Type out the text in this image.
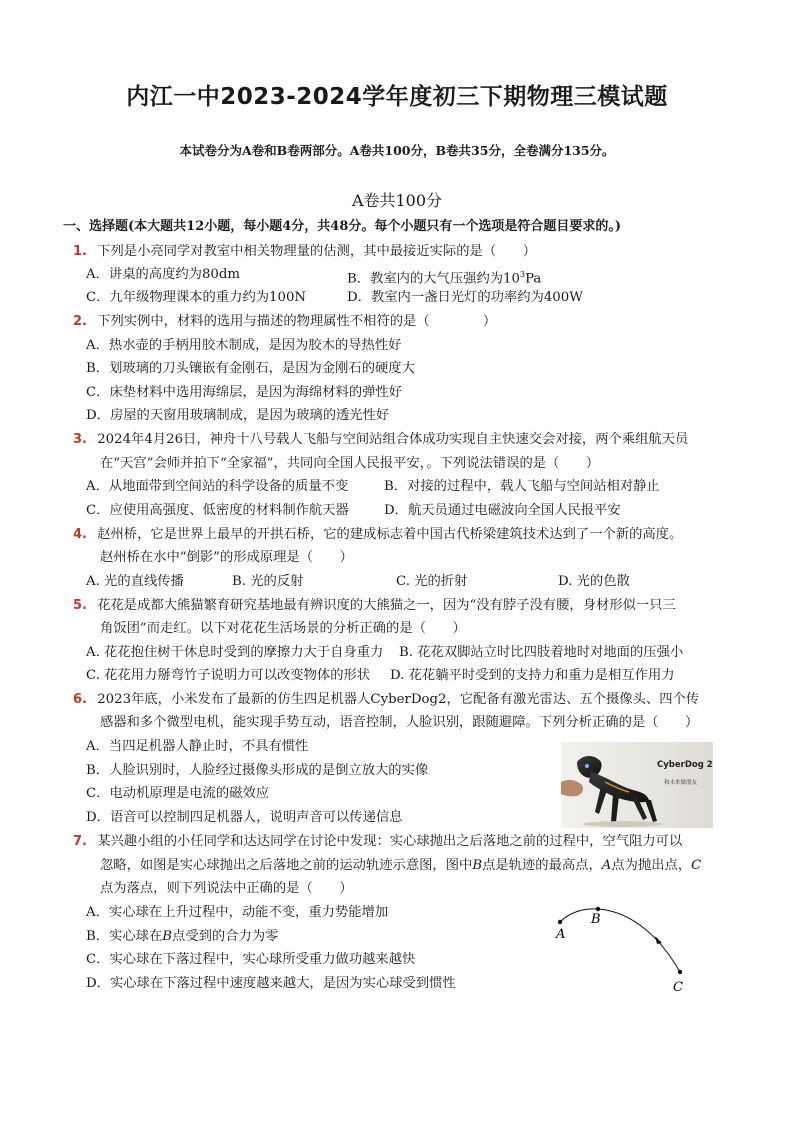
内江一中2023-2024学年度初三下期物理三模试题
本试卷分为A卷和B卷两部分。A卷共100分，B卷共35分，全卷满分135分。
A卷共100分
一、选择题(本大题共12小题，每小题4分，共48分。每个小题只有一个选项是符合题目要求的。)
1. 下列是小亮同学对教室中相关物理量的估测，其中最接近实际的是（　　）
A．讲桌的高度约为80dm	B．教室内的大气压强约为$10^3Pa$
C．九年级物理课本的重力约为100N	D．教室内一盏日光灯的功率约为400W
2. 下列实例中，材料的选用与描述的物理属性不相符的是（　　　　）
A．热水壶的手柄用胶木制成，是因为胶木的导热性好
B．划玻璃的刀头镶嵌有金刚石，是因为金刚石的硬度大
C．床垫材料中选用海绵层，是因为海绵材料的弹性好
D．房屋的天窗用玻璃制成，是因为玻璃的透光性好
3. 2024年4月26日，神舟十八号载人飞船与空间站组合体成功实现自主快速交会对接，两个乘组航天员
在“天宫”会师并拍下“全家福”，共同向全国人民报平安，。下列说法错误的是（　　）
A．从地面带到空间站的科学设备的质量不变	B．对接的过程中，载人飞船与空间站相对静止
C．应使用高强度、低密度的材料制作航天器	D．航天员通过电磁波向全国人民报平安
4. 赵州桥，它是世界上最早的开拱石桥，它的建成标志着中国古代桥梁建筑技术达到了一个新的高度。
赵州桥在水中“倒影”的形成原理是（　　）
A. 光的直线传播	B. 光的反射	C. 光的折射	D. 光的色散
5. 花花是成都大熊猫繁育研究基地最有辨识度的大熊猫之一，因为“没有脖子没有腰，身材形似一只三
角饭团”而走红。以下对花花生活场景的分析正确的是（　　）
A. 花花抱住树干休息时受到的摩擦力大于自身重力 B. 花花双脚站立时比四肢着地时对地面的压强小
C. 花花用力掰弯竹子说明力可以改变物体的形状 D. 花花躺平时受到的支持力和重力是相互作用力
6. 2023年底，小米发布了最新的仿生四足机器人CyberDog2，它配备有激光雷达、五个摄像头、四个传
感器和多个微型电机，能实现手势互动，语音控制，人脸识别，跟随避障。下列分析正确的是（　　）
A．当四足机器人静止时，不具有惯性
B．人脸识别时，人脸经过摄像头形成的是倒立放大的实像
C．电动机原理是电流的磁效应
D．语音可以控制四足机器人，说明声音可以传递信息
CyberDog 2
和未来做朋友
7. 某兴趣小组的小任同学和达达同学在讨论中发现：实心球抛出之后落地之前的过程中，空气阻力可以
忽略，如图是实心球抛出之后落地之前的运动轨迹示意图，图中B点是轨迹的最高点，A点为抛出点，C
点为落点，则下列说法中正确的是（　　）
A．实心球在上升过程中，动能不变，重力势能增加
B．实心球在B点受到的合力为零
C．实心球在下落过程中，实心球所受重力做功越来越快
D．实心球在下落过程中速度越来越大，是因为实心球受到惯性
A
B
C
